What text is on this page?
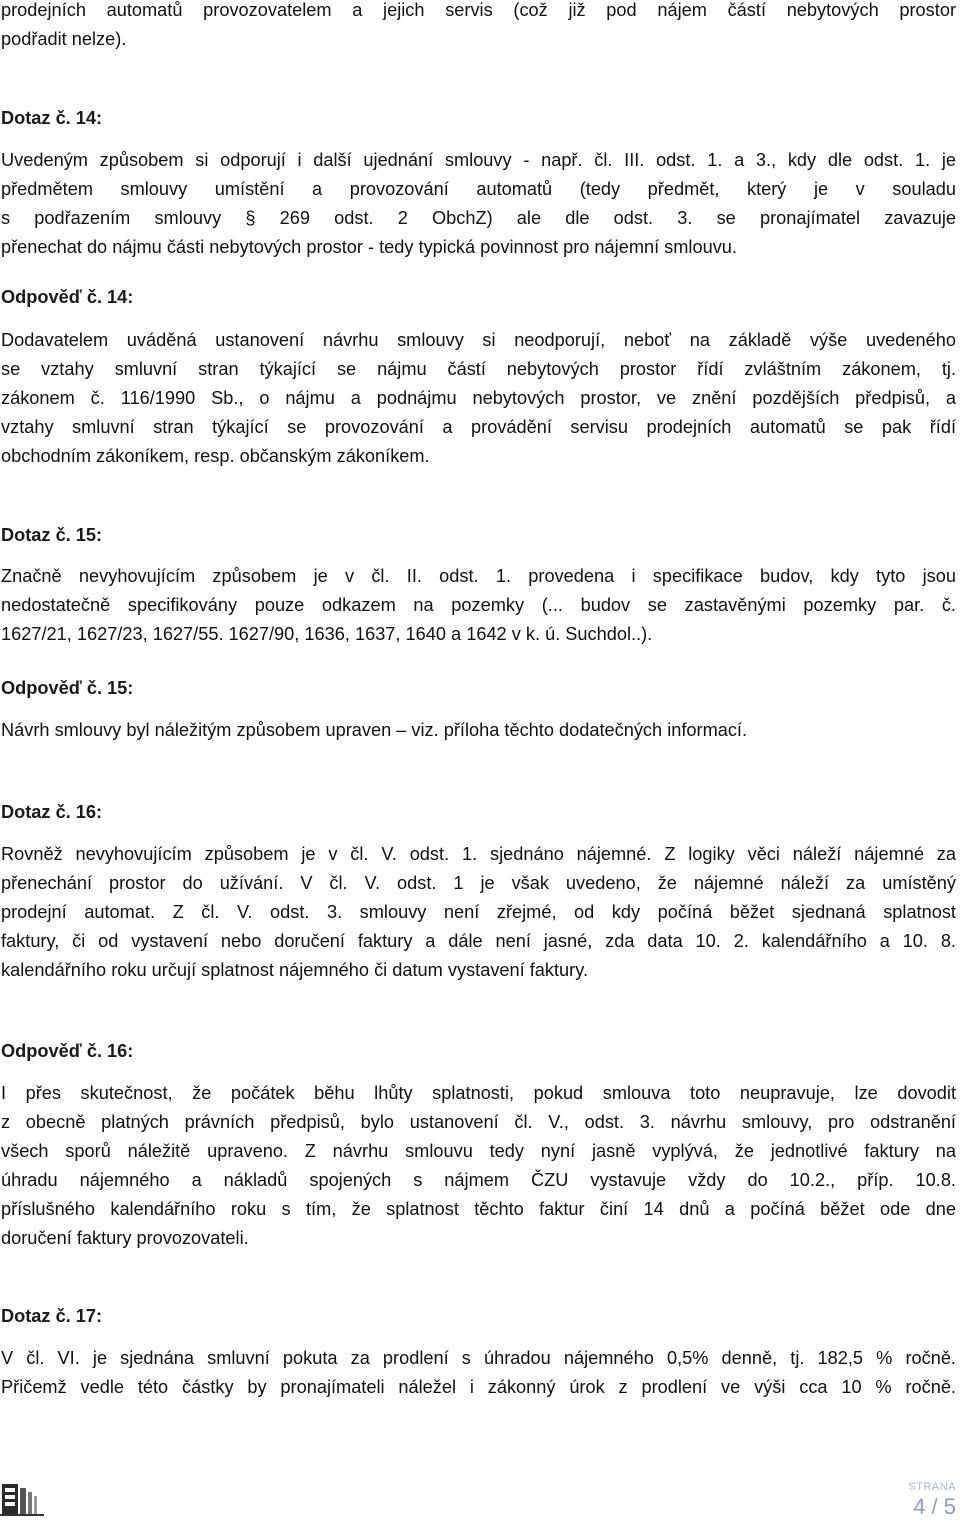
prodejních automatů provozovatelem a jejich servis (což již pod nájem částí nebytových prostor
podřadit nelze).
Dotaz č. 14:
Uvedeným způsobem si odporují i další ujednání smlouvy - např. čl. III. odst. 1. a 3., kdy dle odst. 1. je
předmětem smlouvy umístění a provozování automatů (tedy předmět, který je v souladu
s podřazením smlouvy § 269 odst. 2 ObchZ) ale dle odst. 3. se pronajímatel zavazuje
přenechat do nájmu části nebytových prostor - tedy typická povinnost pro nájemní smlouvu.
Odpověď č. 14:
Dodavatelem uváděná ustanovení návrhu smlouvy si neodporují, neboť na základě výše uvedeného
se vztahy smluvní stran týkající se nájmu částí nebytových prostor řídí zvláštním zákonem, tj.
zákonem č. 116/1990 Sb., o nájmu a podnájmu nebytových prostor, ve znění pozdějších předpisů, a
vztahy smluvní stran týkající se provozování a provádění servisu prodejních automatů se pak řídí
obchodním zákoníkem, resp. občanským zákoníkem.
Dotaz č. 15:
Značně nevyhovujícím způsobem je v čl. II. odst. 1. provedena i specifikace budov, kdy tyto jsou
nedostatečně specifikovány pouze odkazem na pozemky (... budov se zastavěnými pozemky par. č.
1627/21, 1627/23, 1627/55. 1627/90, 1636, 1637, 1640 a 1642 v k. ú. Suchdol..).
Odpověď č. 15:
Návrh smlouvy byl náležitým způsobem upraven – viz. příloha těchto dodatečných informací.
Dotaz č. 16:
Rovněž nevyhovujícím způsobem je v čl. V. odst. 1. sjednáno nájemné. Z logiky věci náleží nájemné za
přenechání prostor do užívání. V čl. V. odst. 1 je však uvedeno, že nájemné náleží za umístěný
prodejní automat. Z čl. V. odst. 3. smlouvy není zřejmé, od kdy počíná běžet sjednaná splatnost
faktury, či od vystavení nebo doručení faktury a dále není jasné, zda data 10. 2. kalendářního a 10. 8.
kalendářního roku určují splatnost nájemného či datum vystavení faktury.
Odpověď č. 16:
I přes skutečnost, že počátek běhu lhůty splatnosti, pokud smlouva toto neupravuje, lze dovodit
z obecně platných právních předpisů, bylo ustanovení čl. V., odst. 3. návrhu smlouvy, pro odstranění
všech sporů náležitě upraveno. Z návrhu smlouvu tedy nyní jasně vyplývá, že jednotlivé faktury na
úhradu nájemného a nákladů spojených s nájmem ČZU vystavuje vždy do 10.2., příp. 10.8.
příslušného kalendářního roku s tím, že splatnost těchto faktur činí 14 dnů a počíná běžet ode dne
doručení faktury provozovateli.
Dotaz č. 17:
V čl. VI. je sjednána smluvní pokuta za prodlení s úhradou nájemného 0,5% denně, tj. 182,5 % ročně.
Přičemž vedle této částky by pronajímateli náležel i zákonný úrok z prodlení ve výši cca 10 % ročně.
STRANA
4 / 5
